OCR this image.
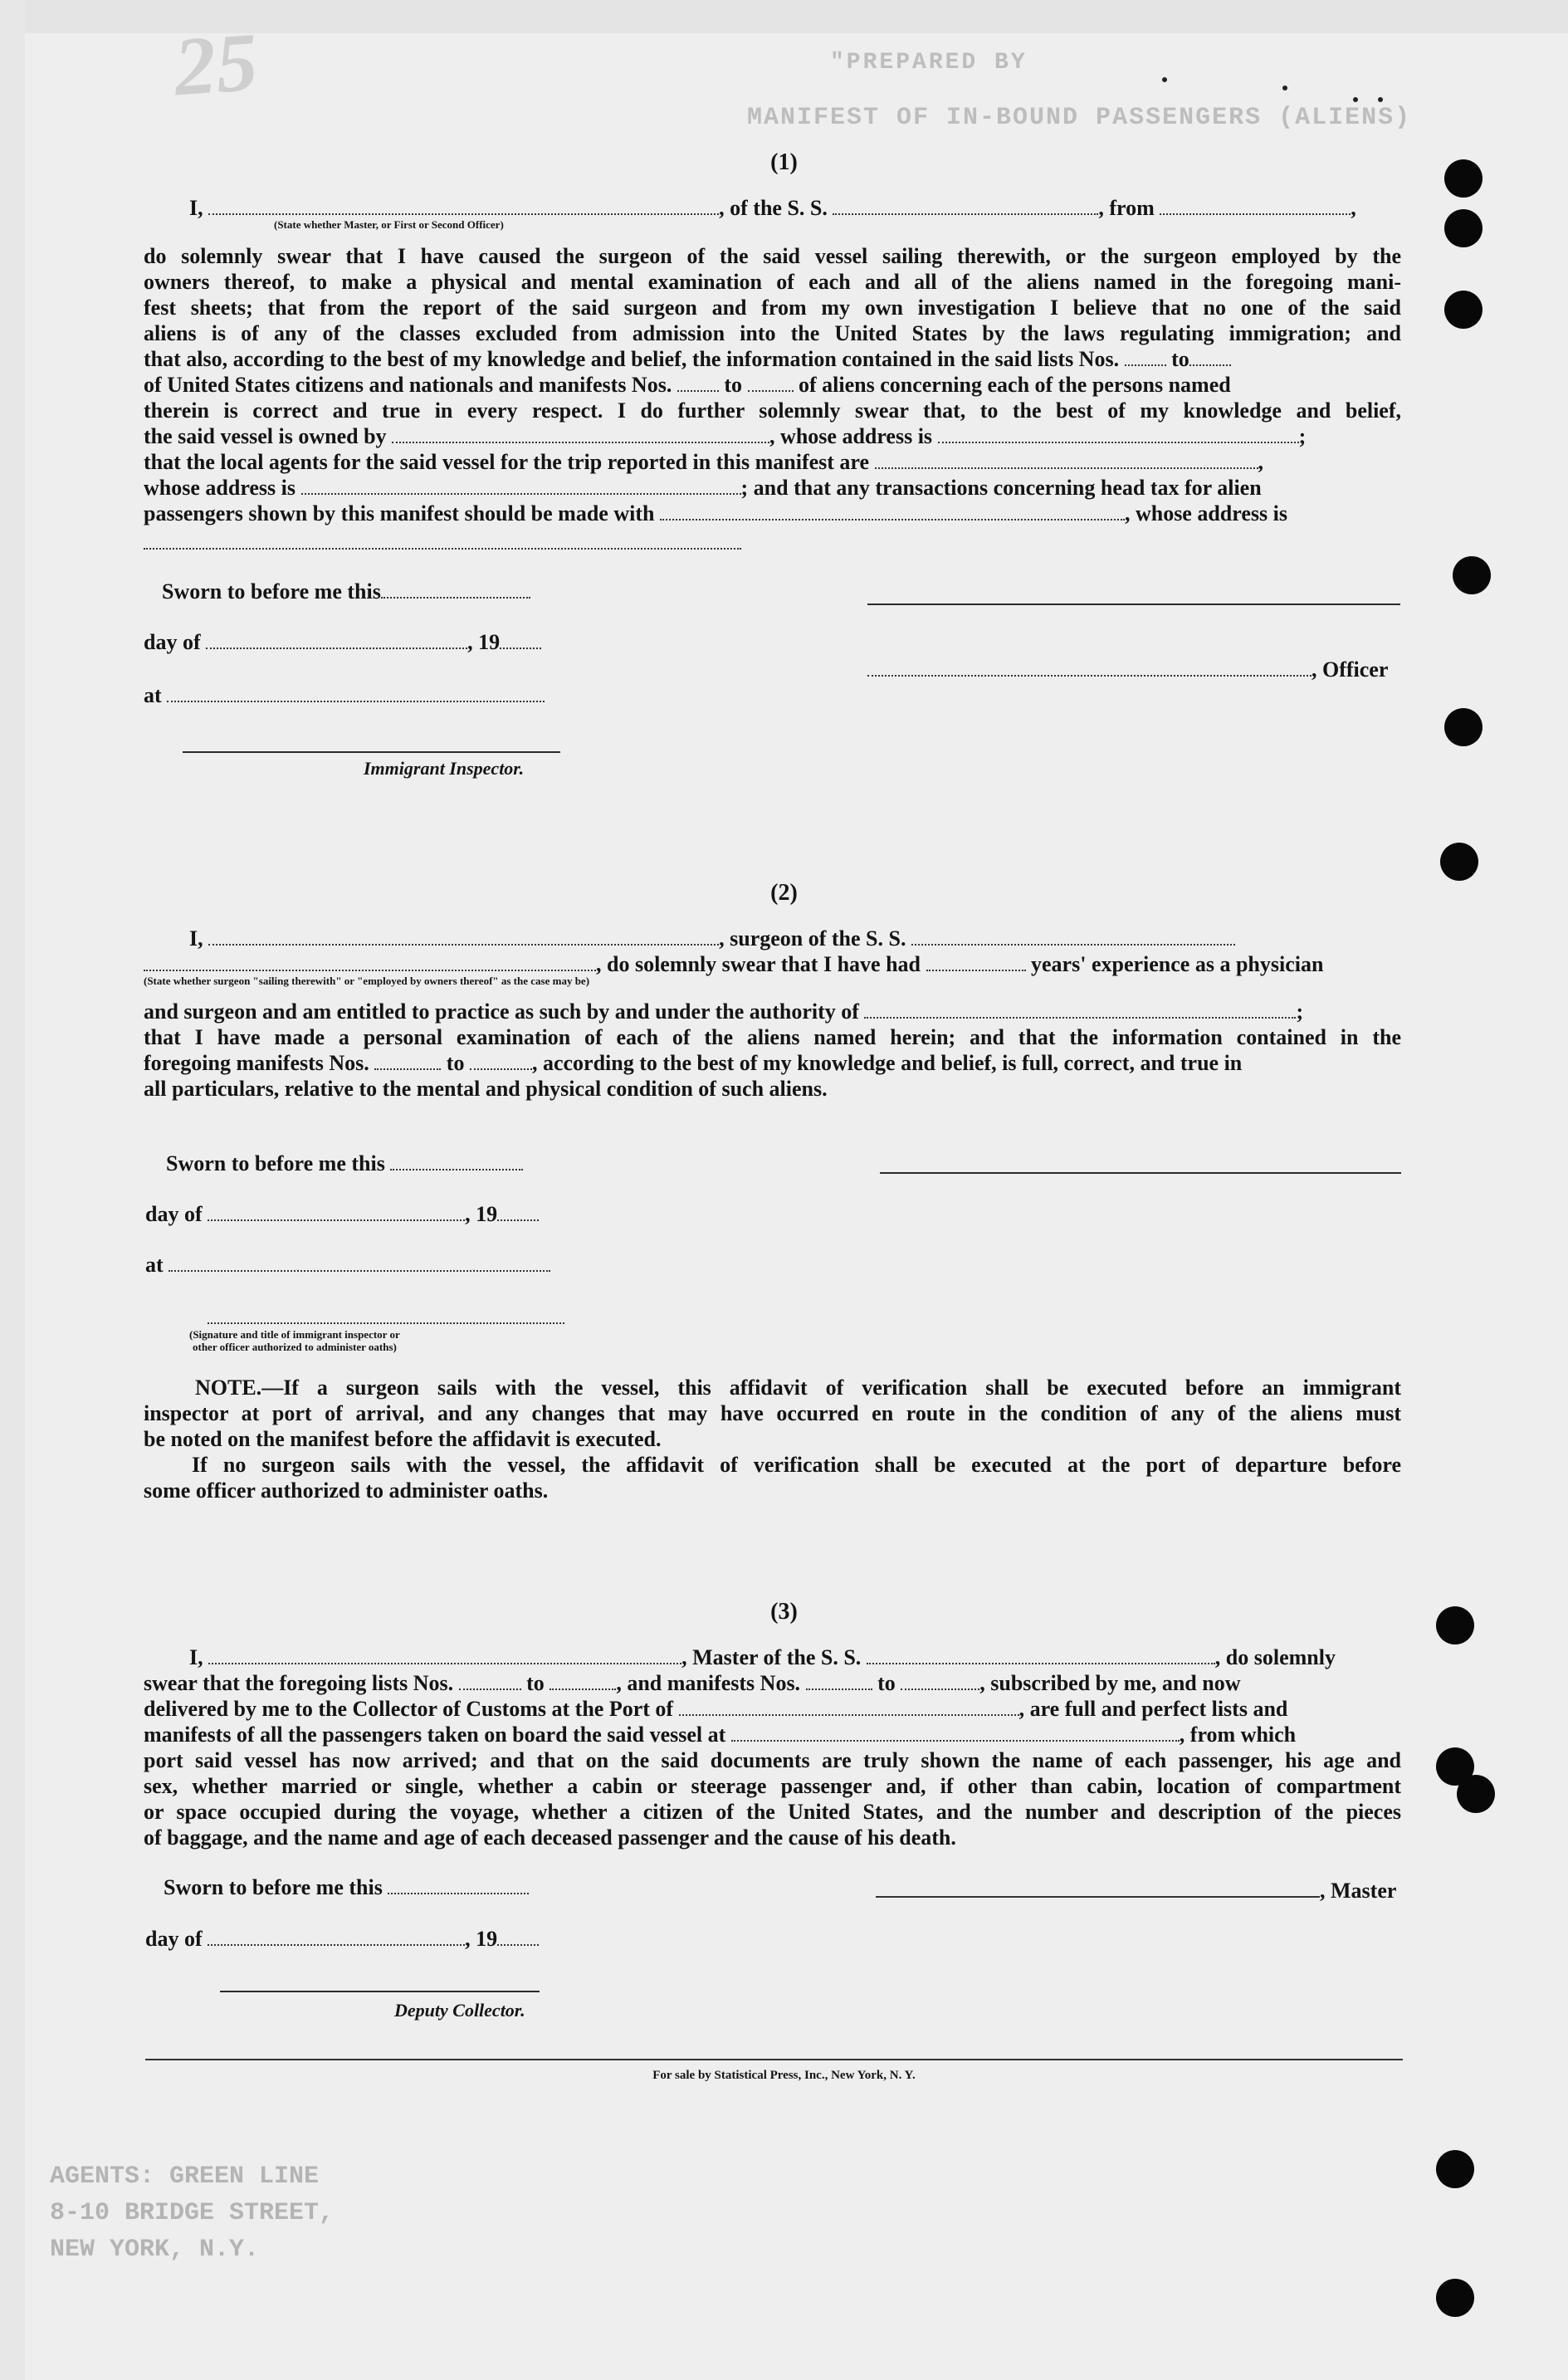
25	"PREPARED BY
MANIFEST OF IN-BOUND PASSENGERS (ALIENS)
AGENTS: GREEN LINE
8-10 BRIDGE STREET,
NEW YORK, N.Y.
(1)
I,	, of the S. S.	, from	,
(State whether Master, or First or Second Officer)
do solemnly swear that I have caused the surgeon of the said vessel sailing therewith, or the surgeon employed by the
owners thereof, to make a physical and mental examination of each and all of the aliens named in the foregoing mani-
fest sheets; that from the report of the said surgeon and from my own investigation I believe that no one of the said
aliens is of any of the classes excluded from admission into the United States by the laws regulating immigration; and
that also, according to the best of my knowledge and belief, the information contained in the said lists Nos. to
of United States citizens and nationals and manifests Nos. to	of aliens concerning each of the persons named
therein is correct and true in every respect. I do further solemnly swear that, to the best of my knowledge and belief,
the said vessel is owned by	, whose address is	;
that the local agents for the said vessel for the trip reported in this manifest are	,
whose address is	; and that any transactions concerning head tax for alien
passengers shown by this manifest should be made with	, whose address is
Sworn to before me this
day of	, 19
, Officer
at
Immigrant Inspector.
(2)
I,	, surgeon of the S. S.
, do solemnly swear that I have had	years' experience as a physician
(State whether surgeon "sailing therewith" or "employed by owners thereof" as the case may be)
and surgeon and am entitled to practice as such by and under the authority of	;
that I have made a personal examination of each of the aliens named herein; and that the information contained in the
foregoing manifests Nos.	to	, according to the best of my knowledge and belief, is full, correct, and true in
all particulars, relative to the mental and physical condition of such aliens.
Sworn to before me this
day of	, 19
at
(Signature and title of immigrant inspector or
other officer authorized to administer oaths)
NOTE.—If a surgeon sails with the vessel, this affidavit of verification shall be executed before an immigrant
inspector at port of arrival, and any changes that may have occurred en route in the condition of any of the aliens must
be noted on the manifest before the affidavit is executed.
If no surgeon sails with the vessel, the affidavit of verification shall be executed at the port of departure before
some officer authorized to administer oaths.
(3)
I,	, Master of the S. S.	, do solemnly
swear that the foregoing lists Nos.	to	, and manifests Nos.	to	, subscribed by me, and now
delivered by me to the Collector of Customs at the Port of	, are full and perfect lists and
manifests of all the passengers taken on board the said vessel at	, from which
port said vessel has now arrived; and that on the said documents are truly shown the name of each passenger, his age and
sex, whether married or single, whether a cabin or steerage passenger and, if other than cabin, location of compartment
or space occupied during the voyage, whether a citizen of the United States, and the number and description of the pieces
of baggage, and the name and age of each deceased passenger and the cause of his death.
Sworn to before me this	, Master
day of	, 19
Deputy Collector.
For sale by Statistical Press, Inc., New York, N. Y.
